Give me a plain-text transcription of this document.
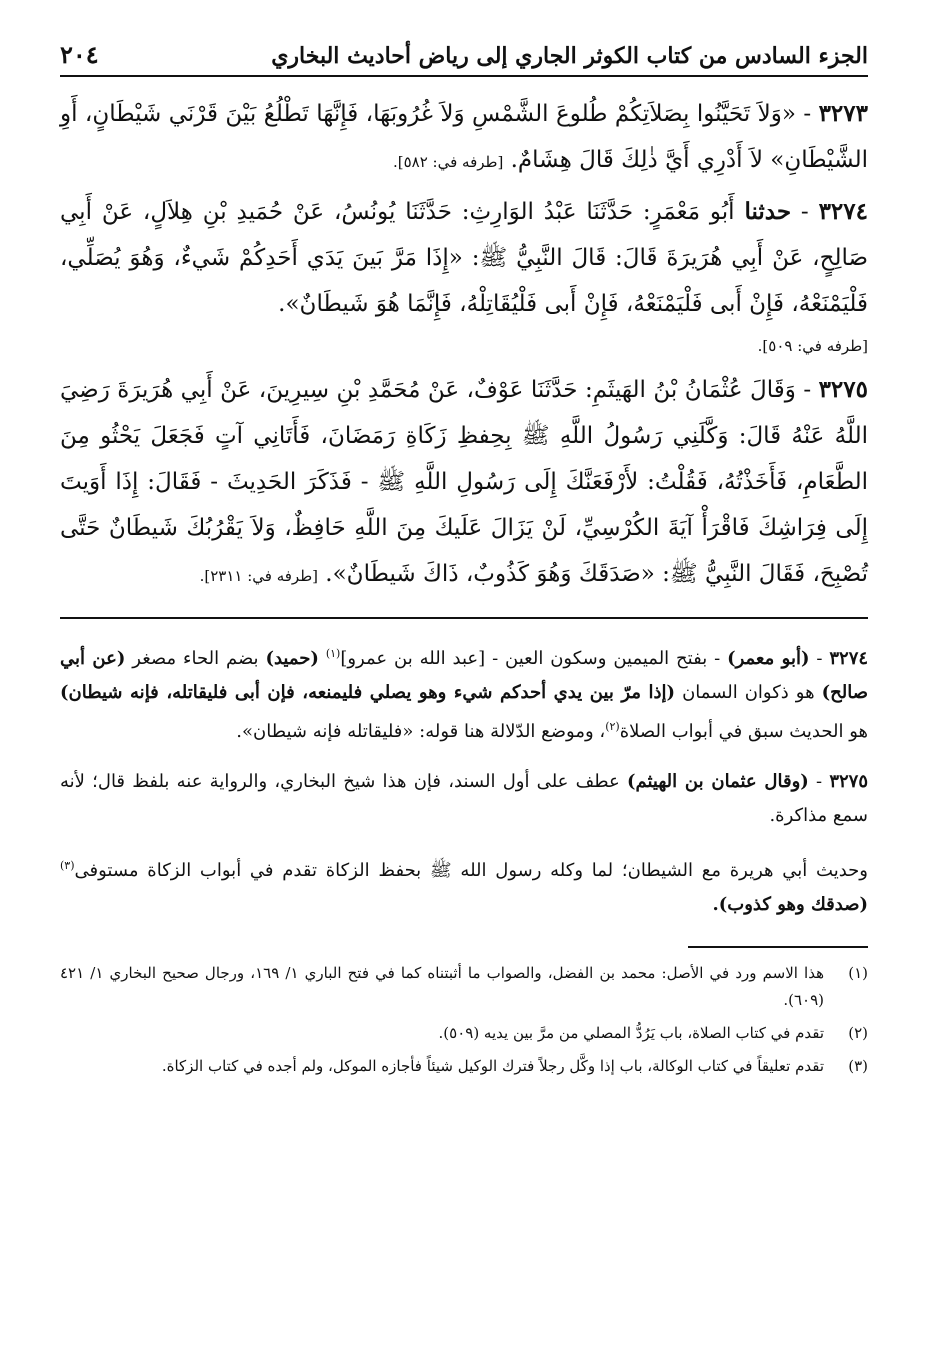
الجزء السادس من كتاب الكوثر الجاري إلى رياض أحاديث البخاري
٢٠٤

٣٢٧٣ - «وَلاَ تَحَيَّنُوا بِصَلاَتِكُمْ طُلوعَ الشَّمْسِ وَلاَ غُرُوبَهَا، فَإِنَّهَا تَطْلُعُ بَيْنَ قَرْنَي شَيْطَانٍ، أَوِ الشَّيْطَانِ» لاَ أَدْرِي أَيَّ ذٰلِكَ قَالَ هِشَامٌ. [طرفه في: ٥٨٢].

٣٢٧٤ - حدثنا أَبُو مَعْمَرٍ: حَدَّثَنَا عَبْدُ الوَارِثِ: حَدَّثَنَا يُونُسُ، عَنْ حُمَيدِ بْنِ هِلاَلٍ، عَنْ أَبِي صَالِحٍ، عَنْ أَبِي هُرَيرَةَ قَالَ: قَالَ النَّبِيُّ ﷺ: «إِذَا مَرَّ بَينَ يَدَي أَحَدِكُمْ شَيءٌ، وَهُوَ يُصَلِّي، فَلْيَمْنَعْهُ، فَإِنْ أَبى فَلْيَمْنَعْهُ، فَإِنْ أَبى فَلْيُقَاتِلْهُ، فَإِنَّمَا هُوَ شَيطَانٌ».

[طرفه في: ٥٠٩].

٣٢٧٥ - وَقَالَ عُثْمَانُ بْنُ الهَيثَمِ: حَدَّثَنَا عَوْفٌ، عَنْ مُحَمَّدِ بْنِ سِيرِينَ، عَنْ أَبِي هُرَيرَةَ رَضِيَ اللَّهُ عَنْهُ قَالَ: وَكَّلَنِي رَسُولُ اللَّهِ ﷺ بِحِفظِ زَكَاةِ رَمَضَانَ، فَأَتَانِي آتٍ فَجَعَلَ يَحْثُو مِنَ الطَّعَامِ، فَأَخَذْتُهُ، فَقُلْتُ: لأَرْفَعَنَّكَ إِلَى رَسُولِ اللَّهِ ﷺ - فَذَكَرَ الحَدِيثَ - فَقَالَ: إِذَا أَوَيتَ إِلَى فِرَاشِكَ فَاقْرَأْ آيَةَ الكُرْسِيِّ، لَنْ يَزَالَ عَلَيكَ مِنَ اللَّهِ حَافِظٌ، وَلاَ يَقْرُبُكَ شَيطَانٌ حَتَّى تُصْبِحَ، فَقَالَ النَّبِيُّ ﷺ: «صَدَقَكَ وَهُوَ كَذُوبٌ، ذَاكَ شَيطَانٌ». [طرفه في: ٢٣١١].

٣٢٧٤ - (أبو معمر) - بفتح الميمين وسكون العين - [عبد الله بن عمرو]$^{(١)}$ (حميد) بضم الحاء مصغر (عن أبي صالح) هو ذكوان السمان (إذا مرّ بين يدي أحدكم شيء وهو يصلي فليمنعه، فإن أبى فليقاتله، فإنه شيطان) هو الحديث سبق في أبواب الصلاة$^{(٢)}$، وموضع الدّلالة هنا قوله: «فليقاتله فإنه شيطان».

٣٢٧٥ - (وقال عثمان بن الهيثم) عطف على أول السند، فإن هذا شيخ البخاري، والرواية عنه بلفظ قال؛ لأنه سمع مذاكرة.

وحديث أبي هريرة مع الشيطان؛ لما وكله رسول الله ﷺ بحفظ الزكاة تقدم في أبواب الزكاة مستوفى$^{(٣)}$ (صدقك وهو كذوب).

(١)
هذا الاسم ورد في الأصل: محمد بن الفضل، والصواب ما أثبتناه كما في فتح الباري ١/ ١٦٩، ورجال صحيح البخاري ١/ ٤٢١ (٦٠٩).
(٢)
تقدم في كتاب الصلاة، باب يَرُدُّ المصلي من مرَّ بين يديه (٥٠٩).
(٣)
تقدم تعليقاً في كتاب الوكالة، باب إذا وكَّل رجلاً فترك الوكيل شيئاً فأجازه الموكل، ولم أجده في كتاب الزكاة.
